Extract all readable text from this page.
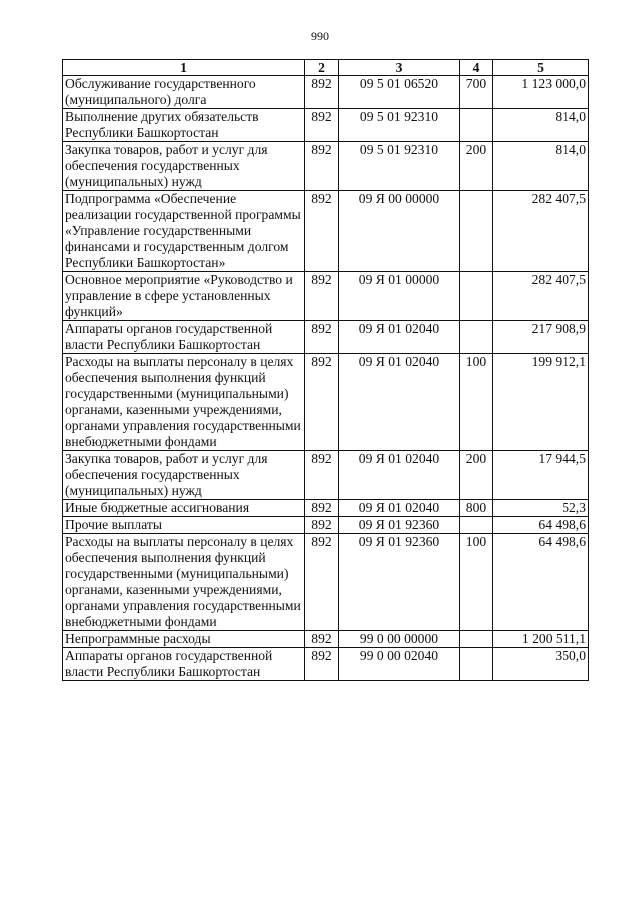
990
1	2	3	4	5
Обслуживание государственного (муниципального) долга	892	09 5 01 06520	700	1 123 000,0
Выполнение других обязательств Республики Башкортостан	892	09 5 01 92310		814,0
Закупка товаров, работ и услуг для обеспечения государственных (муниципальных) нужд	892	09 5 01 92310	200	814,0
Подпрограмма «Обеспечение реализации государственной программы «Управление государственными финансами и государственным долгом Республики Башкортостан»	892	09 Я 00 00000		282 407,5
Основное мероприятие «Руководство и управление в сфере установленных функций»	892	09 Я 01 00000		282 407,5
Аппараты органов государственной власти Республики Башкортостан	892	09 Я 01 02040		217 908,9
Расходы на выплаты персоналу в целях обеспечения выполнения функций государственными (муниципальными) органами, казенными учреждениями, органами управления государственными внебюджетными фондами	892	09 Я 01 02040	100	199 912,1
Закупка товаров, работ и услуг для обеспечения государственных (муниципальных) нужд	892	09 Я 01 02040	200	17 944,5
Иные бюджетные ассигнования	892	09 Я 01 02040	800	52,3
Прочие выплаты	892	09 Я 01 92360		64 498,6
Расходы на выплаты персоналу в целях обеспечения выполнения функций государственными (муниципальными) органами, казенными учреждениями, органами управления государственными внебюджетными фондами	892	09 Я 01 92360	100	64 498,6
Непрограммные расходы	892	99 0 00 00000		1 200 511,1
Аппараты органов государственной власти Республики Башкортостан	892	99 0 00 02040		350,0
